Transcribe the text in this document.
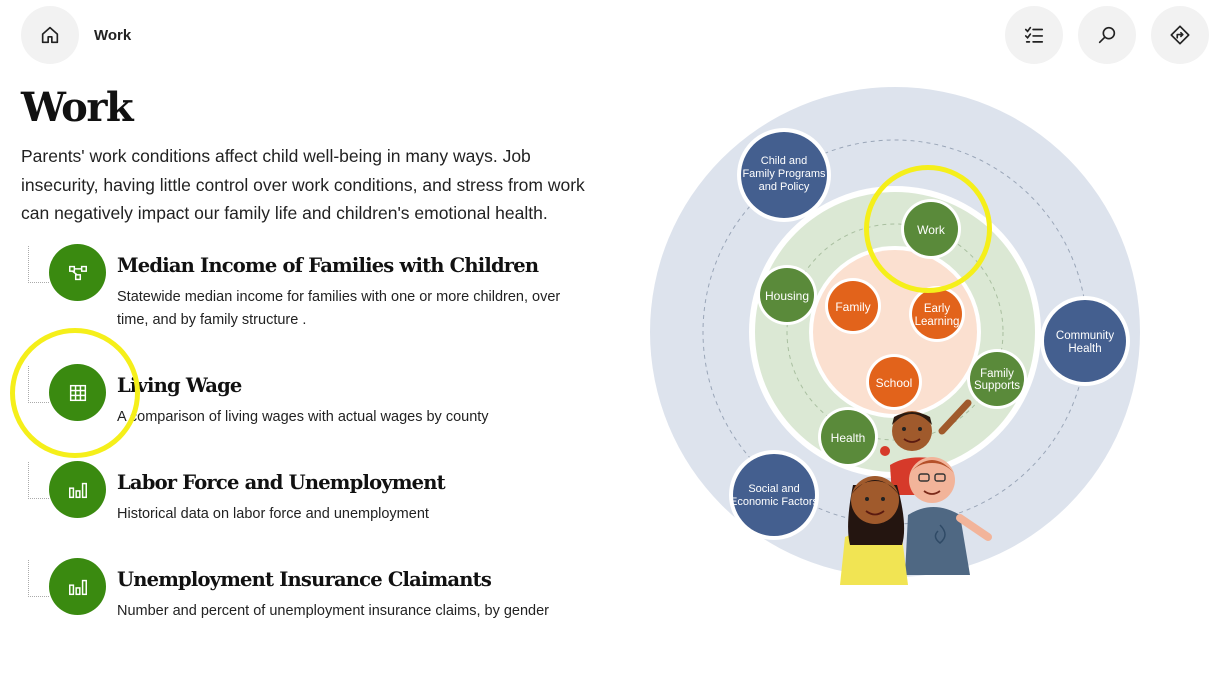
Work
Work

Parents' work conditions affect child well-being in many ways. Job insecurity, having little control over work conditions, and stress from work can negatively impact our family life and children's emotional health.

Median Income of Families with Children
Statewide median income for families with one or more children, over time, and by family structure .
Living Wage
A comparison of living wages with actual wages by county
Labor Force and Unemployment
Historical data on labor force and unemployment
Unemployment Insurance Claimants
Number and percent of unemployment insurance claims, by gender
Child and
Family Programs
and Policy
Community
Health
Social and
Economic Factors
Work
Housing
Family
Supports
Health
Family	Early
Learning
School
